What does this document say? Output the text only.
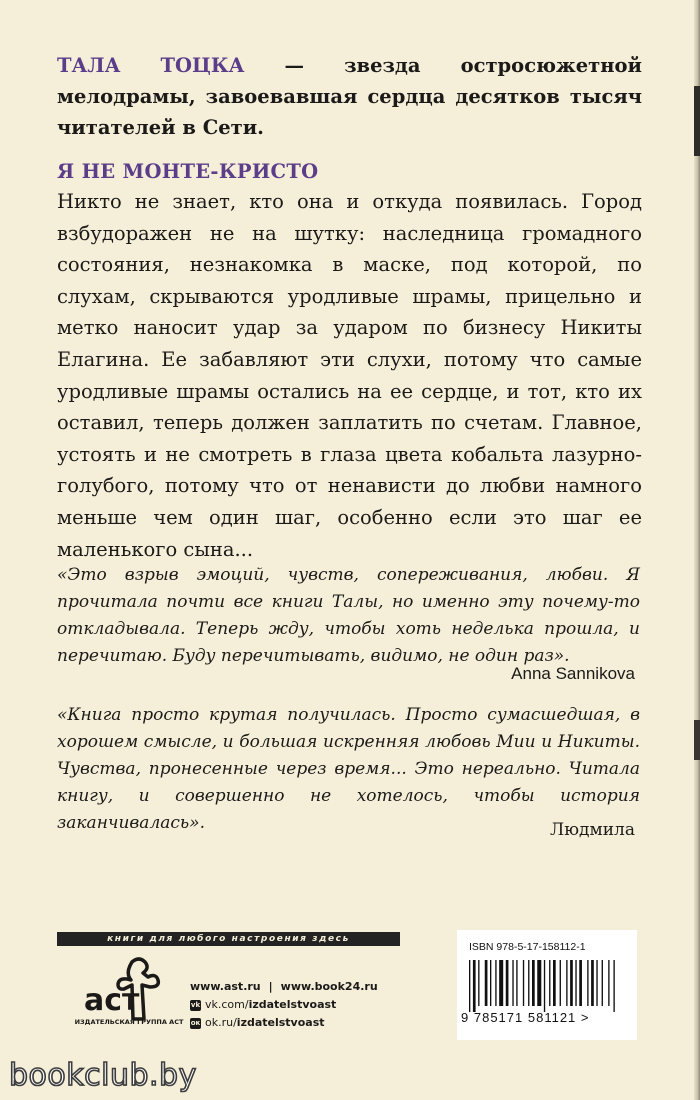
ТАЛА ТОЦКА — звезда остросюжетной мелодрамы, завоевавшая сердца десятков тысяч читателей в Сети.
Я НЕ МОНТЕ-КРИСТО
Никто не знает, кто она и откуда появилась. Город взбудоражен не на шутку: наследница громадного состояния, незнакомка в маске, под которой, по слухам, скрываются уродливые шрамы, прицельно и метко наносит удар за ударом по бизнесу Никиты Елагина. Ее забавляют эти слухи, потому что самые уродливые шрамы остались на ее сердце, и тот, кто их оставил, теперь должен заплатить по счетам. Главное, устоять и не смотреть в глаза цвета кобальта лазурно-голубого, потому что от ненависти до любви намного меньше чем один шаг, особенно если это шаг ее маленького сына...
«Это взрыв эмоций, чувств, сопереживания, любви. Я прочитала почти все книги Талы, но именно эту почему-то откладывала. Теперь жду, чтобы хоть неделька прошла, и перечитаю. Буду перечитывать, видимо, не один раз».
Anna Sannikova
«Книга просто крутая получилась. Просто сумасшедшая, в хорошем смысле, и большая искренняя любовь Мии и Никиты. Чувства, пронесенные через время... Это нереально. Читала книгу, и совершенно не хотелось, чтобы история заканчивалась».	Людмила
книги для любого настроения здесь
аст
ИЗДАТЕЛЬСКАЯ ГРУППА АСТ
www.ast.ru | www.book24.ru
vk vk.com/izdatelstvoast
ок ok.ru/izdatelstvoast
ISBN 978-5-17-158112-1
9 785171 581121 >
bookclub.by
